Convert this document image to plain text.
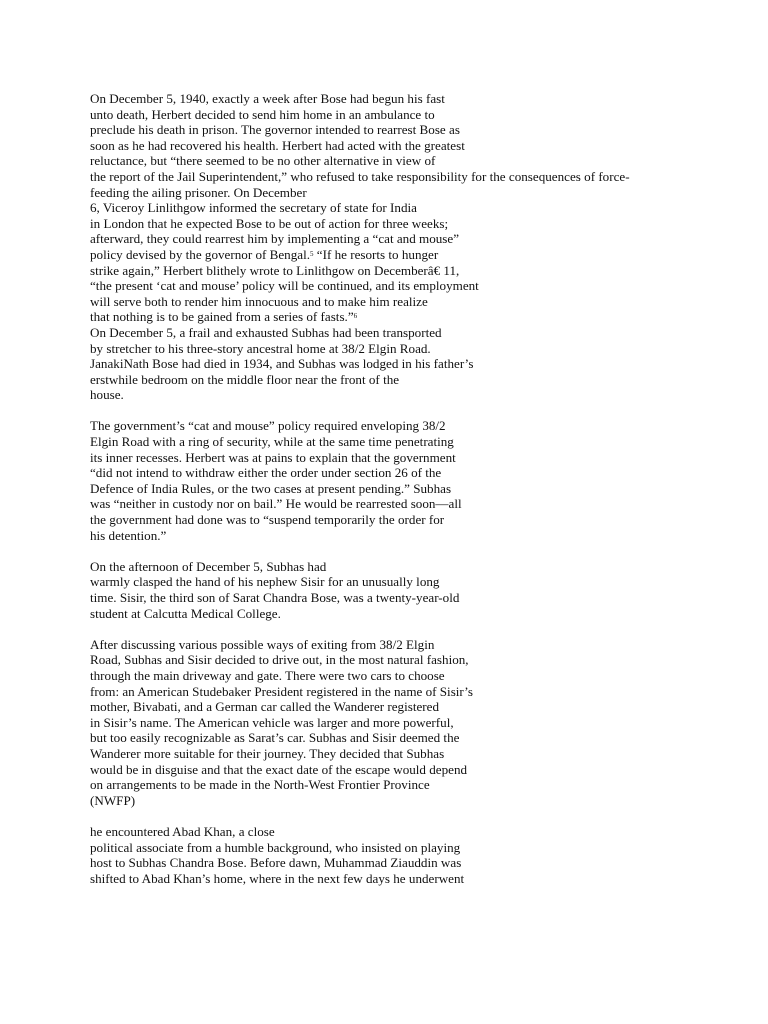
On December 5, 1940, exactly a week after Bose had begun his fast
unto death, Herbert decided to send him home in an ambulance to
preclude his death in prison. The governor intended to rearrest Bose as
soon as he had recovered his health. Herbert had acted with the greatest
reluctance, but “there seemed to be no other alternative in view of
the report of the Jail Superintendent,” who refused to take responsibility for the consequences of force-
feeding the ailing prisoner. On December
6, Viceroy Linlithgow informed the secretary of state for India
in London that he expected Bose to be out of action for three weeks;
afterward, they could rearrest him by implementing a “cat and mouse”
policy devised by the governor of Bengal.$^5$ “If he resorts to hunger
strike again,” Herbert blithely wrote to Linlithgow on Decemberâ€ 11,
“the present ‘cat and mouse’ policy will be continued, and its employment
will serve both to render him innocuous and to make him realize
that nothing is to be gained from a series of fasts.”$^6$
On December 5, a frail and exhausted Subhas had been transported
by stretcher to his three-story ancestral home at 38/2 Elgin Road.
JanakiNath Bose had died in 1934, and Subhas was lodged in his father’s
erstwhile bedroom on the middle floor near the front of the
house.
The government’s “cat and mouse” policy required enveloping 38/2
Elgin Road with a ring of security, while at the same time penetrating
its inner recesses. Herbert was at pains to explain that the government
“did not intend to withdraw either the order under section 26 of the
Defence of India Rules, or the two cases at present pending.” Subhas
was “neither in custody nor on bail.” He would be rearrested soon—all
the government had done was to “suspend temporarily the order for
his detention.”
On the afternoon of December 5, Subhas had
warmly clasped the hand of his nephew Sisir for an unusually long
time. Sisir, the third son of Sarat Chandra Bose, was a twenty-year-old
student at Calcutta Medical College.
After discussing various possible ways of exiting from 38/2 Elgin
Road, Subhas and Sisir decided to drive out, in the most natural fashion,
through the main driveway and gate. There were two cars to choose
from: an American Studebaker President registered in the name of Sisir’s
mother, Bivabati, and a German car called the Wanderer registered
in Sisir’s name. The American vehicle was larger and more powerful,
but too easily recognizable as Sarat’s car. Subhas and Sisir deemed the
Wanderer more suitable for their journey. They decided that Subhas
would be in disguise and that the exact date of the escape would depend
on arrangements to be made in the North-West Frontier Province
(NWFP)
he encountered Abad Khan, a close
political associate from a humble background, who insisted on playing
host to Subhas Chandra Bose. Before dawn, Muhammad Ziauddin was
shifted to Abad Khan’s home, where in the next few days he underwent
